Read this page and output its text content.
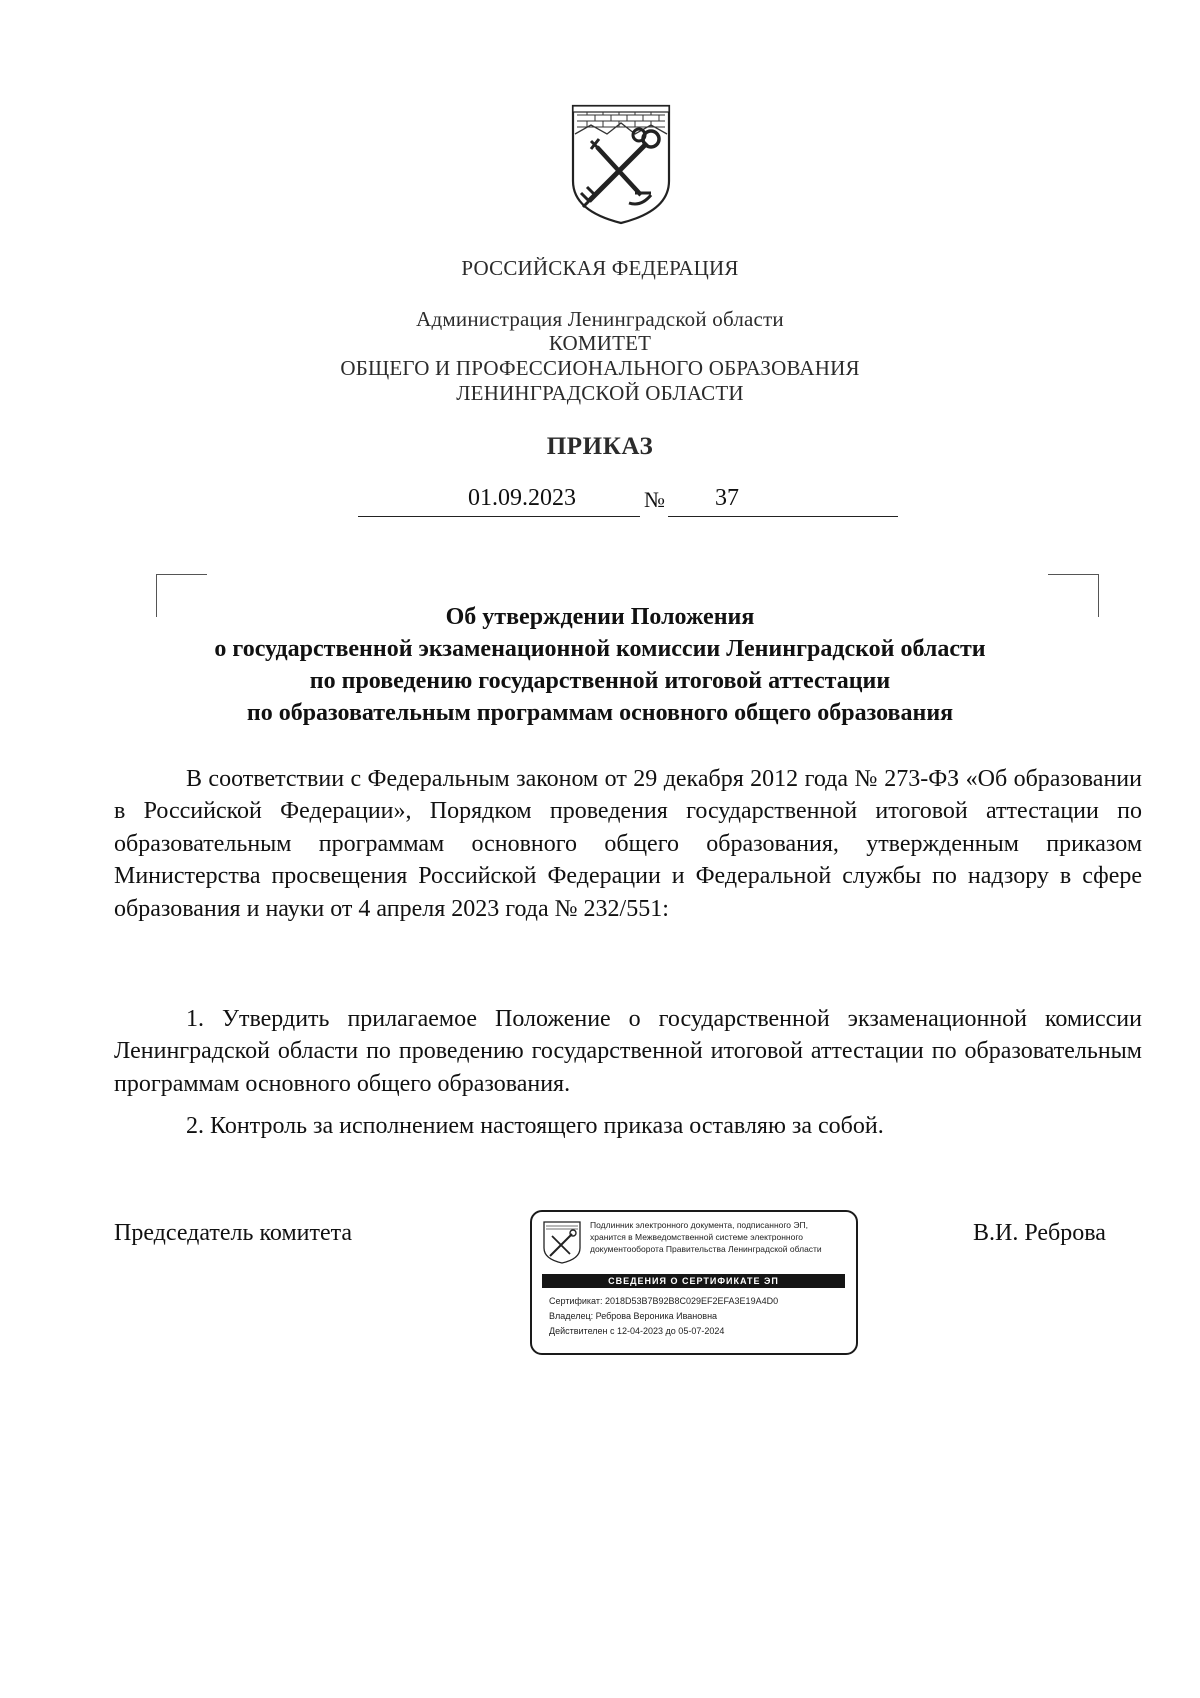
РОССИЙСКАЯ ФЕДЕРАЦИЯ
Администрация Ленинградской области
КОМИТЕТ
ОБЩЕГО И ПРОФЕССИОНАЛЬНОГО ОБРАЗОВАНИЯ
ЛЕНИНГРАДСКОЙ ОБЛАСТИ
ПРИКАЗ
01.09.2023	№ 37
Об утверждении Положения
о государственной экзаменационной комиссии Ленинградской области
по проведению государственной итоговой аттестации
по образовательным программам основного общего образования

В соответствии с Федеральным законом от 29 декабря 2012 года № 273-ФЗ «Об образовании в Российской Федерации», Порядком проведения государственной итоговой аттестации по образовательным программам основного общего образования, утвержденным приказом Министерства просвещения Российской Федерации и Федеральной службы по надзору в сфере образования и науки от 4 апреля 2023 года № 232/551:

1. Утвердить прилагаемое Положение о государственной экзаменационной комиссии Ленинградской области по проведению государственной итоговой аттестации по образовательным программам основного общего образования.

2. Контроль за исполнением настоящего приказа оставляю за собой.

Председатель комитета	В.И. Реброва
Подлинник электронного документа, подписанного ЭП,
хранится в Межведомственной системе электронного
документооборота Правительства Ленинградской области
СВЕДЕНИЯ О СЕРТИФИКАТЕ ЭП
Сертификат: 2018D53B7B92B8C029EF2EFA3E19A4D0
Владелец: Реброва Вероника Ивановна
Действителен с 12-04-2023 до 05-07-2024
